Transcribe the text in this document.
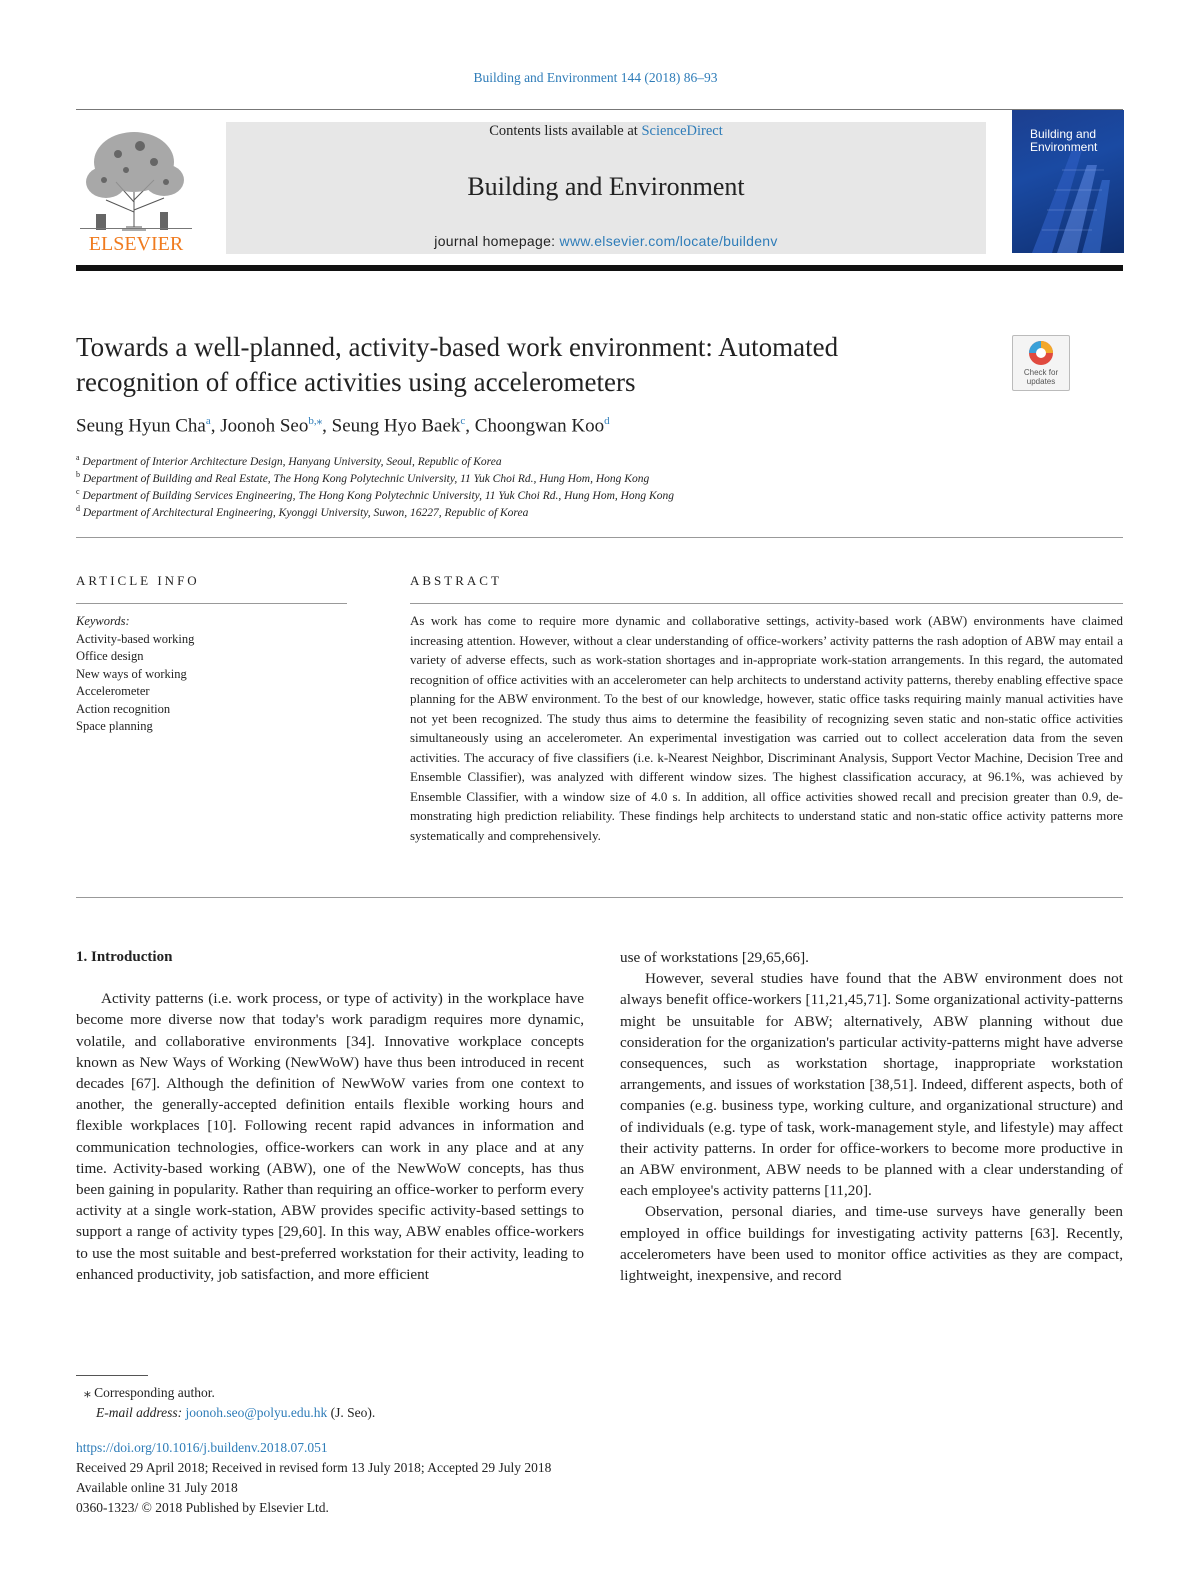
Building and Environment 144 (2018) 86–93
ELSEVIER
Contents lists available at ScienceDirect
Building and Environment
journal homepage: www.elsevier.com/locate/buildenv
Building and
Environment
Towards a well-planned, activity-based work environment: Automated
recognition of office activities using accelerometers	Check for
updates
Seung Hyun Cha$^a$, Joonoh Seo$^{b,⁎}$, Seung Hyo Baek$^c$, Choongwan Koo$^d$
$^a$ Department of Interior Architecture Design, Hanyang University, Seoul, Republic of Korea
$^b$ Department of Building and Real Estate, The Hong Kong Polytechnic University, 11 Yuk Choi Rd., Hung Hom, Hong Kong
$^c$ Department of Building Services Engineering, The Hong Kong Polytechnic University, 11 Yuk Choi Rd., Hung Hom, Hong Kong
$^d$ Department of Architectural Engineering, Kyonggi University, Suwon, 16227, Republic of Korea
ARTICLE INFO	ABSTRACT
Keywords:
Activity-based working
Office design
New ways of working
Accelerometer
Action recognition
Space planning
As work has come to require more dynamic and collaborative settings, activity-based work (ABW) environments have claimed increasing attention. However, without a clear understanding of office-workers’ activity patterns the rash adoption of ABW may entail a variety of adverse effects, such as work-station shortages and in-appropriate work-station arrangements. In this regard, the automated recognition of office activities with an accelerometer can help architects to understand activity patterns, thereby enabling effective space planning for the ABW environment. To the best of our knowledge, however, static office tasks requiring mainly manual activities have not yet been recognized. The study thus aims to determine the feasibility of recognizing seven static and non-static office activities simultaneously using an accelerometer. An experimental investigation was carried out to collect acceleration data from the seven activities. The accuracy of five classifiers (i.e. k-Nearest Neighbor, Discriminant Analysis, Support Vector Machine, Decision Tree and Ensemble Classifier), was analyzed with different window sizes. The highest classification accuracy, at 96.1%, was achieved by Ensemble Classifier, with a window size of 4.0 s. In addition, all office activities showed recall and precision greater than 0.9, de-monstrating high prediction reliability. These findings help architects to understand static and non-static office activity patterns more systematically and comprehensively.
1. Introduction

Activity patterns (i.e. work process, or type of activity) in the workplace have become more diverse now that today's work paradigm requires more dynamic, volatile, and collaborative environments [34]. Innovative workplace concepts known as New Ways of Working (NewWoW) have thus been introduced in recent decades [67]. Although the definition of NewWoW varies from one context to another, the generally-accepted definition entails flexible working hours and flexible workplaces [10]. Following recent rapid advances in information and communication technologies, office-workers can work in any place and at any time. Activity-based working (ABW), one of the NewWoW concepts, has thus been gaining in popularity. Rather than requiring an office-worker to perform every activity at a single work-station, ABW provides specific activity-based settings to support a range of activity types [29,60]. In this way, ABW enables office-workers to use the most suitable and best-preferred workstation for their activity, leading to enhanced productivity, job satisfaction, and more efficient

use of workstations [29,65,66].

However, several studies have found that the ABW environment does not always benefit office-workers [11,21,45,71]. Some organizational activity-patterns might be unsuitable for ABW; alternatively, ABW planning without due consideration for the organization's particular activity-patterns might have adverse consequences, such as workstation shortage, inappropriate workstation arrangements, and issues of workstation [38,51]. Indeed, different aspects, both of companies (e.g. business type, working culture, and organizational structure) and of individuals (e.g. type of task, work-management style, and lifestyle) may affect their activity patterns. In order for office-workers to become more productive in an ABW environment, ABW needs to be planned with a clear understanding of each employee's activity patterns [11,20].

Observation, personal diaries, and time-use surveys have generally been employed in office buildings for investigating activity patterns [63]. Recently, accelerometers have been used to monitor office activities as they are compact, lightweight, inexpensive, and record

⁎ Corresponding author.
E-mail address: joonoh.seo@polyu.edu.hk (J. Seo).
https://doi.org/10.1016/j.buildenv.2018.07.051
Received 29 April 2018; Received in revised form 13 July 2018; Accepted 29 July 2018
Available online 31 July 2018
0360-1323/ © 2018 Published by Elsevier Ltd.
